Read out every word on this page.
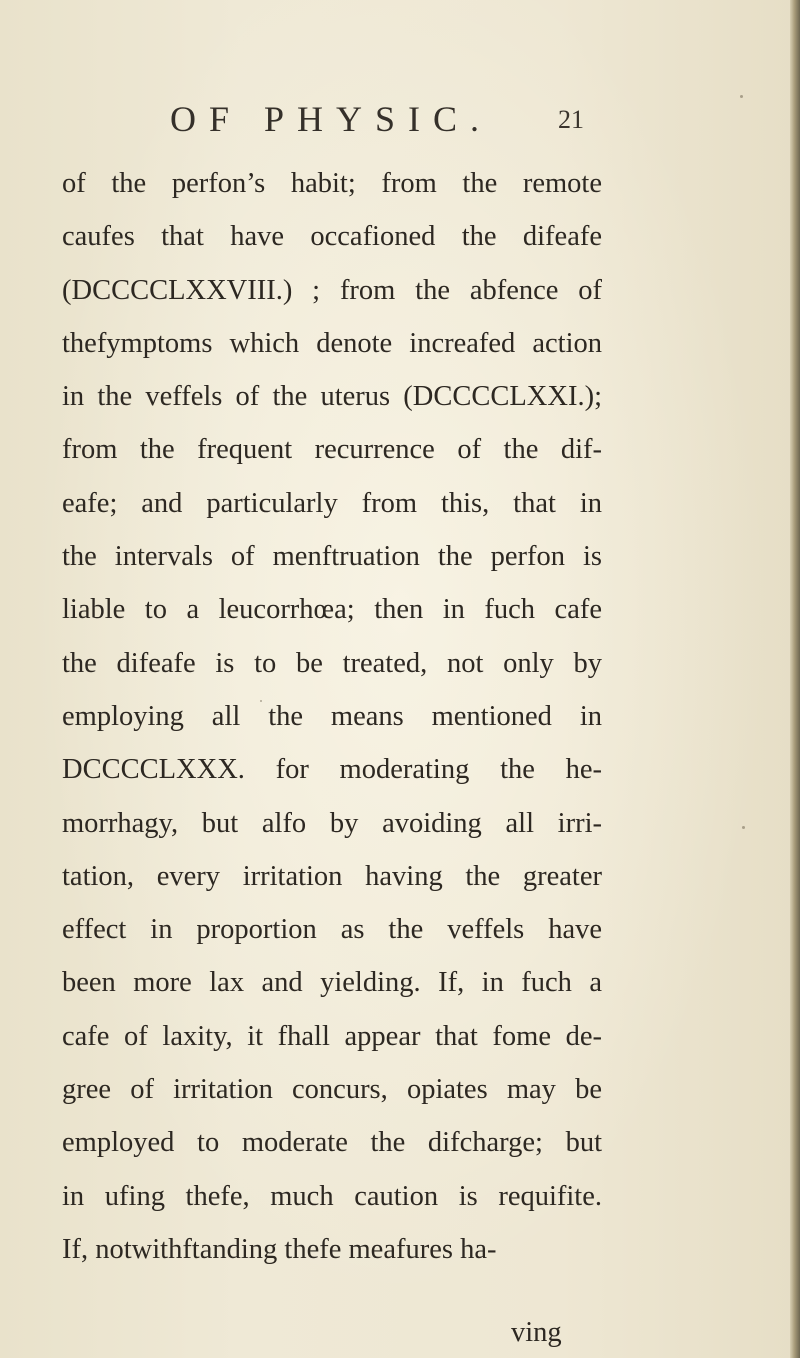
OF PHYSIC.	21
of the perfon’s habit; from the remote
caufes that have occafioned the difeafe
(DCCCCLXXVIII.) ; from the abfence of
thefymptoms which denote increafed action
in the veffels of the uterus (DCCCCLXXI.);
from the frequent recurrence of the dif-
eafe; and particularly from this, that in
the intervals of menftruation the perfon is
liable to a leucorrhœa; then in fuch cafe
the difeafe is to be treated, not only by
employing all the means mentioned in
DCCCCLXXX. for moderating the he-
morrhagy, but alfo by avoiding all irri-
tation, every irritation having the greater
effect in proportion as the veffels have
been more lax and yielding. If, in fuch a
cafe of laxity, it fhall appear that fome de-
gree of irritation concurs, opiates may be
employed to moderate the difcharge; but
in ufing thefe, much caution is requifite.
If, notwithftanding thefe meafures ha-
ving
